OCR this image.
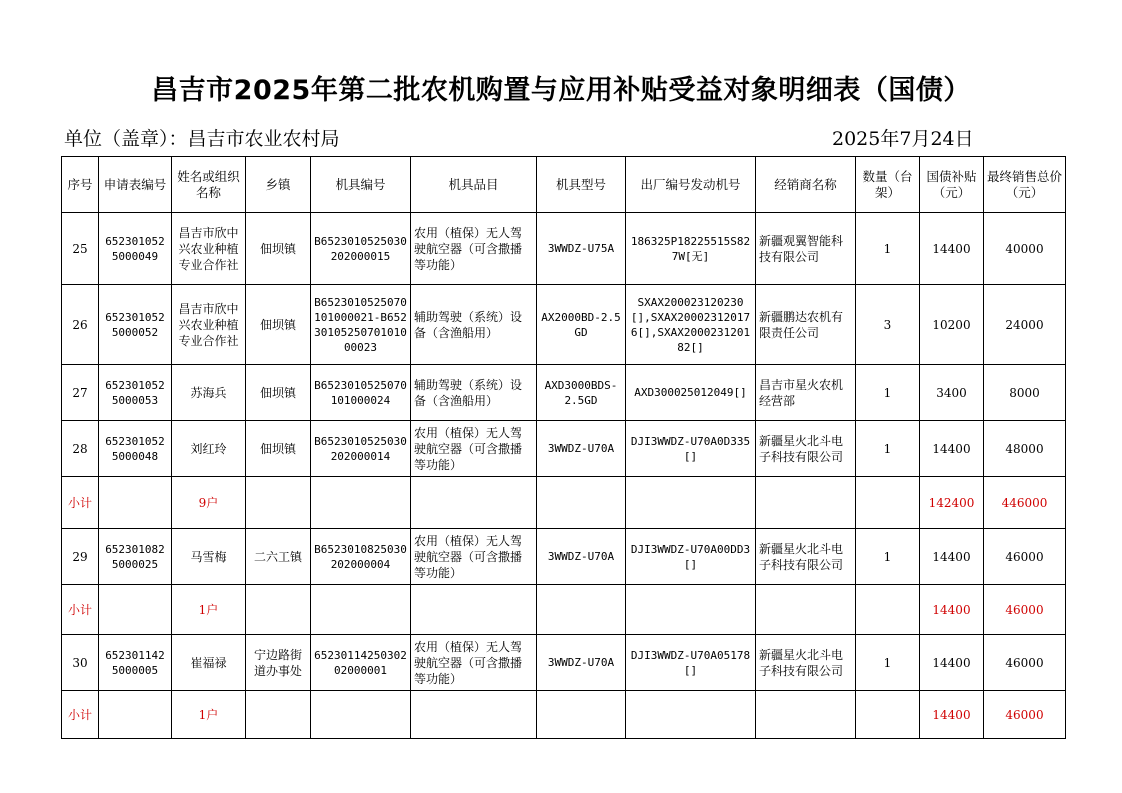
昌吉市2025年第二批农机购置与应用补贴受益对象明细表（国债）
单位（盖章）：昌吉市农业农村局	2025年7月24日
序号	申请表编号	姓名或组织名称	乡镇	机具编号	机具品目	机具型号	出厂编号发动机号	经销商名称	数量（台架）	国债补贴（元）	最终销售总价（元）
25	6523010525000049	昌吉市欣中兴农业种植专业合作社	佃坝镇	B6523010525030202000015	农用（植保）无人驾驶航空器（可含撒播等功能）	3WWDZ-U75A	186325P18225515S827W[无]	新疆观翼智能科技有限公司	1	14400	40000
26	6523010525000052	昌吉市欣中兴农业种植专业合作社	佃坝镇	B6523010525070101000021-B6523010525070101000023	辅助驾驶（系统）设备（含渔船用）	AX2000BD-2.5GD	SXAX200023120230[],SXAX200023120176[],SXAX200023120182[]	新疆鹏达农机有限责任公司	3	10200	24000
27	6523010525000053	苏海兵	佃坝镇	B6523010525070101000024	辅助驾驶（系统）设备（含渔船用）	AXD3000BDS-2.5GD	AXD300025012049[]	昌吉市星火农机经营部	1	3400	8000
28	6523010525000048	刘红玲	佃坝镇	B6523010525030202000014	农用（植保）无人驾驶航空器（可含撒播等功能）	3WWDZ-U70A	DJI3WWDZ-U70A0D335[]	新疆星火北斗电子科技有限公司	1	14400	48000
小计		9户								142400	446000
29	6523010825000025	马雪梅	二六工镇	B6523010825030202000004	农用（植保）无人驾驶航空器（可含撒播等功能）	3WWDZ-U70A	DJI3WWDZ-U70A00DD3[]	新疆星火北斗电子科技有限公司	1	14400	46000
小计		1户								14400	46000
30	6523011425000005	崔福禄	宁边路街道办事处	6523011425030202000001	农用（植保）无人驾驶航空器（可含撒播等功能）	3WWDZ-U70A	DJI3WWDZ-U70A05178[]	新疆星火北斗电子科技有限公司	1	14400	46000
小计		1户								14400	46000
